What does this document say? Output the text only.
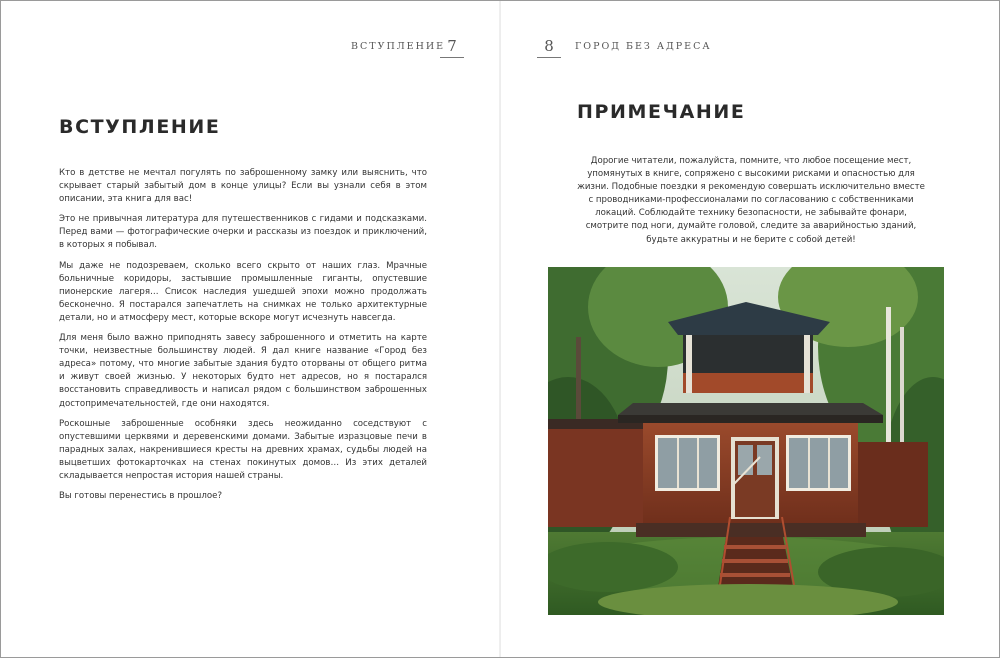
ВСТУПЛЕНИЕ 7
ВСТУПЛЕНИЕ

Кто в детстве не мечтал погулять по заброшенному замку или выяснить, что скрывает старый забытый дом в конце улицы? Если вы узнали себя в этом описании, эта книга для вас!

Это не привычная литература для путешественников с гидами и подсказками. Перед вами — фотографические очерки и рассказы из поездок и приключений, в которых я побывал.

Мы даже не подозреваем, сколько всего скрыто от наших глаз. Мрачные больничные коридоры, застывшие промышленные гиганты, опустевшие пионерские лагеря… Список наследия ушедшей эпохи можно продолжать бесконечно. Я постарался запечатлеть на снимках не только архитектурные детали, но и атмосферу мест, которые вскоре могут исчезнуть навсегда.

Для меня было важно приподнять завесу заброшенного и отметить на карте точки, неизвестные большинству людей. Я дал книге название «Город без адреса» потому, что многие забытые здания будто оторваны от общего ритма и живут своей жизнью. У некоторых будто нет адресов, но я постарался восстановить справедливость и написал рядом с большинством заброшенных достопримечательностей, где они находятся.

Роскошные заброшенные особняки здесь неожиданно соседствуют с опустевшими церквями и деревенскими домами. Забытые изразцовые печи в парадных залах, накренившиеся кресты на древних храмах, судьбы людей на выцветших фотокарточках на стенах покинутых домов… Из этих деталей складывается непростая история нашей страны.

Вы готовы перенестись в прошлое?

8	ГОРОД БЕЗ АДРЕСА
ПРИМЕЧАНИЕ

Дорогие читатели, пожалуйста, помните, что любое посещение мест, упомянутых в книге, сопряжено с высокими рисками и опасностью для жизни. Подобные поездки я рекомендую совершать исключительно вместе с проводниками-профессионалами по согласованию с собственниками локаций. Соблюдайте технику безопасности, не забывайте фонари, смотрите под ноги, думайте головой, следите за аварийностью зданий, будьте аккуратны и не берите с собой детей!
